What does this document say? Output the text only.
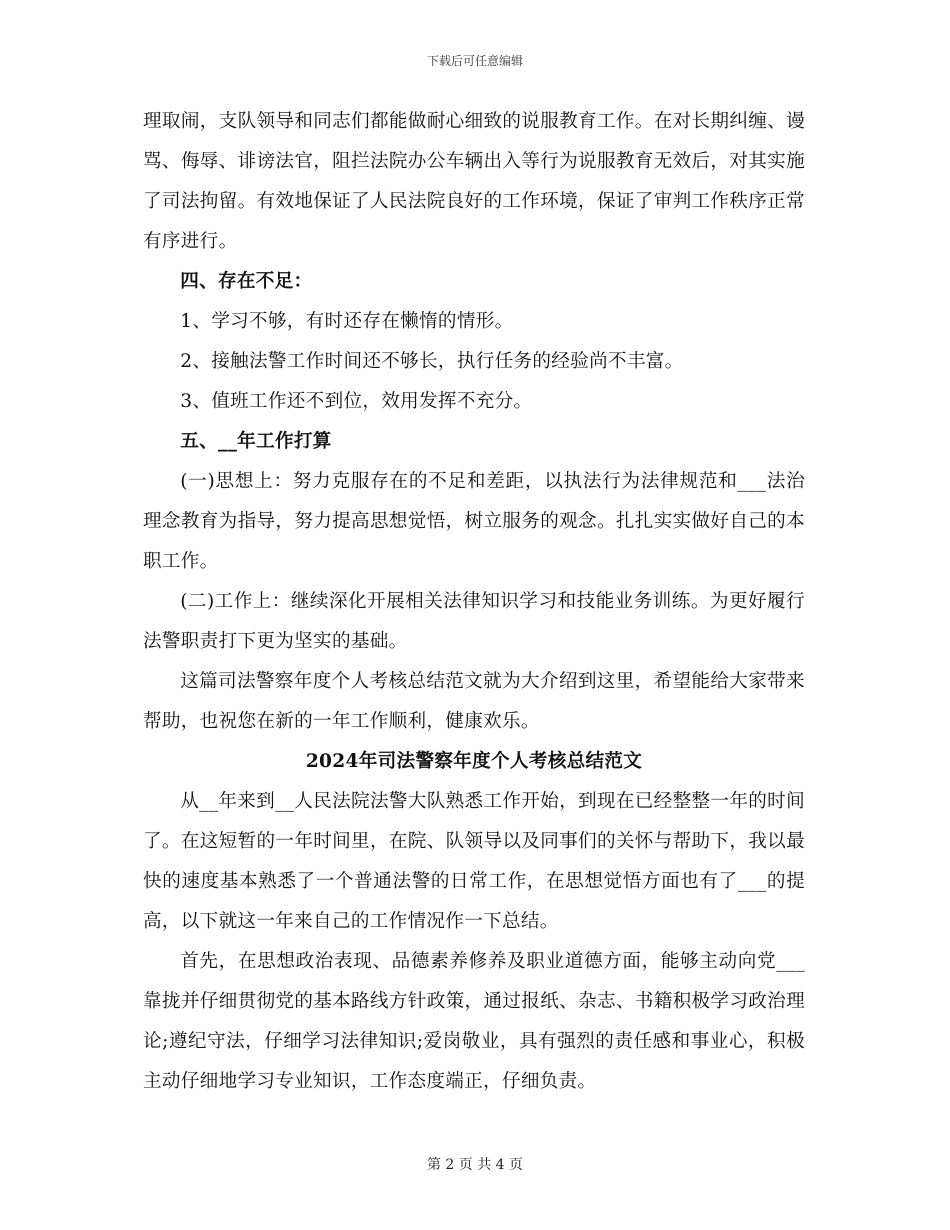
下载后可任意编辑

理取闹，支队领导和同志们都能做耐心细致的说服教育工作。在对长期纠缠、谩骂、侮辱、诽谤法官，阻拦法院办公车辆出入等行为说服教育无效后，对其实施了司法拘留。有效地保证了人民法院良好的工作环境，保证了审判工作秩序正常有序进行。

四、存在不足：

1、学习不够，有时还存在懒惰的情形。

2、接触法警工作时间还不够长，执行任务的经验尚不丰富。

3、值班工作还不到位，效用发挥不充分。

五、__年工作打算

(一)思想上：努力克服存在的不足和差距，以执法行为法律规范和___法治理念教育为指导，努力提高思想觉悟，树立服务的观念。扎扎实实做好自己的本职工作。

(二)工作上：继续深化开展相关法律知识学习和技能业务训练。为更好履行法警职责打下更为坚实的基础。

这篇司法警察年度个人考核总结范文就为大介绍到这里，希望能给大家带来帮助，也祝您在新的一年工作顺利，健康欢乐。

2024年司法警察年度个人考核总结范文

从__年来到__人民法院法警大队熟悉工作开始，到现在已经整整一年的时间了。在这短暂的一年时间里，在院、队领导以及同事们的关怀与帮助下，我以最快的速度基本熟悉了一个普通法警的日常工作，在思想觉悟方面也有了___的提高，以下就这一年来自己的工作情况作一下总结。

首先，在思想政治表现、品德素养修养及职业道德方面，能够主动向党___靠拢并仔细贯彻党的基本路线方针政策，通过报纸、杂志、书籍积极学习政治理论;遵纪守法，仔细学习法律知识;爱岗敬业，具有强烈的责任感和事业心，积极主动仔细地学习专业知识，工作态度端正，仔细负责。

第 2 页 共 4 页
